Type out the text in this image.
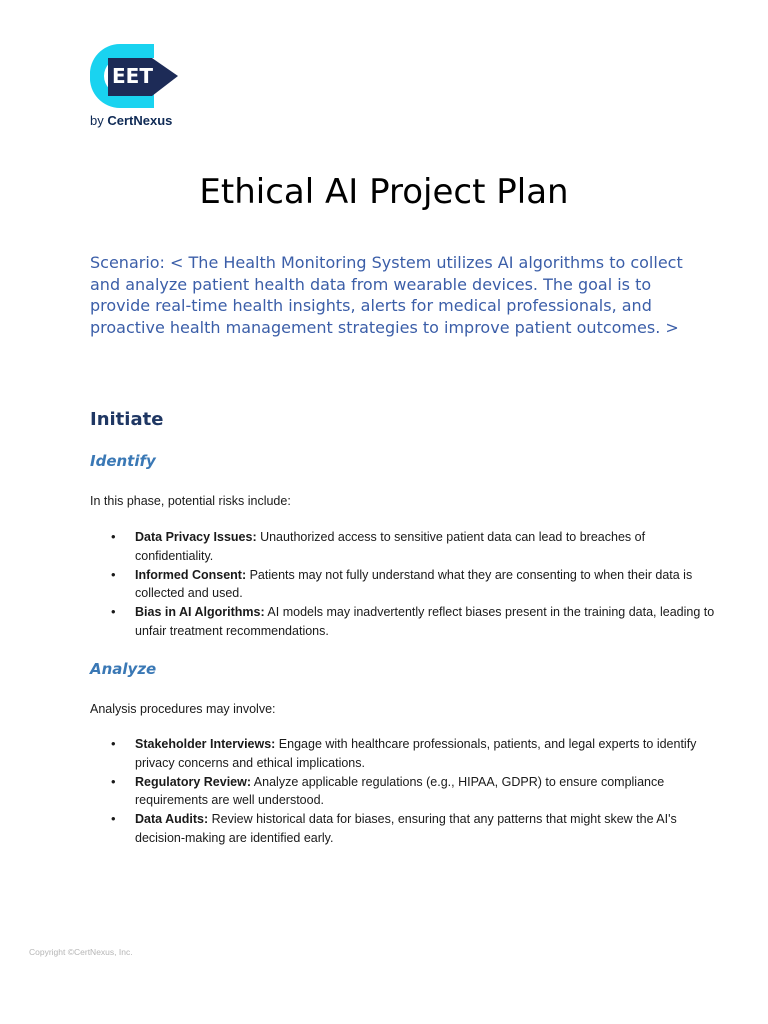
EET
by CertNexus
Ethical AI Project Plan
Scenario: < The Health Monitoring System utilizes AI algorithms to collect and analyze patient health data from wearable devices. The goal is to provide real-time health insights, alerts for medical professionals, and proactive health management strategies to improve patient outcomes. >
Initiate
Identify
In this phase, potential risks include:
• Data Privacy Issues: Unauthorized access to sensitive patient data can lead to breaches of confidentiality.
• Informed Consent: Patients may not fully understand what they are consenting to when their data is collected and used.
• Bias in AI Algorithms: AI models may inadvertently reflect biases present in the training data, leading to unfair treatment recommendations.
Analyze
Analysis procedures may involve:
• Stakeholder Interviews: Engage with healthcare professionals, patients, and legal experts to identify privacy concerns and ethical implications.
• Regulatory Review: Analyze applicable regulations (e.g., HIPAA, GDPR) to ensure compliance requirements are well understood.
• Data Audits: Review historical data for biases, ensuring that any patterns that might skew the AI's decision-making are identified early.
Copyright ©CertNexus, Inc.
